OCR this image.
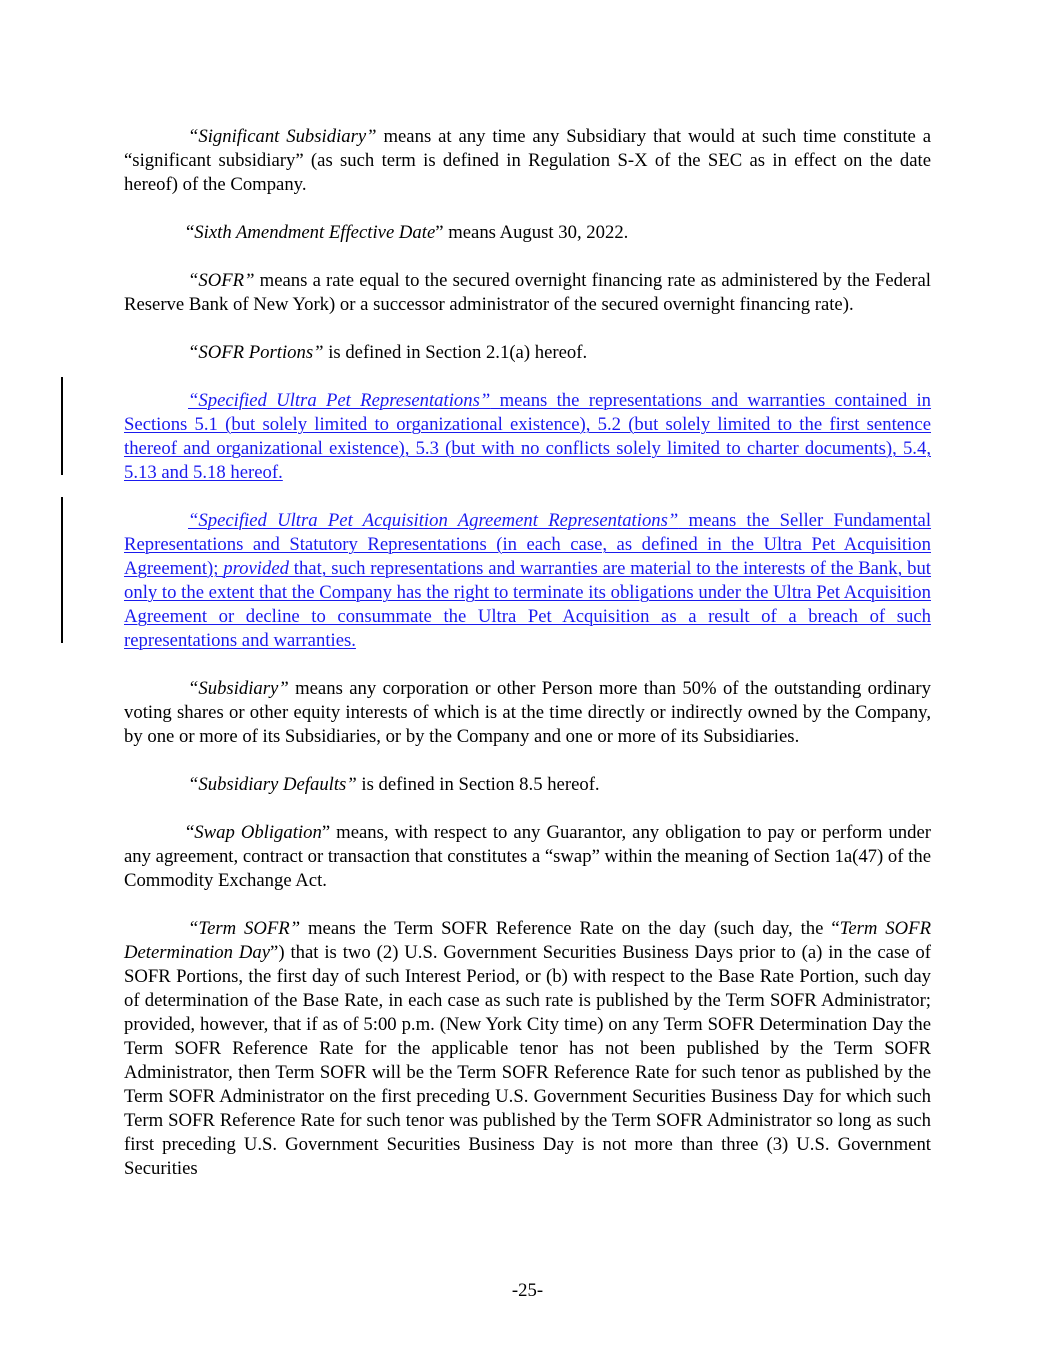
“Significant Subsidiary” means at any time any Subsidiary that would at such time constitute a “significant subsidiary” (as such term is defined in Regulation S-X of the SEC as in effect on the date hereof) of the Company.

“Sixth Amendment Effective Date” means August 30, 2022.

“SOFR” means a rate equal to the secured overnight financing rate as administered by the Federal Reserve Bank of New York) or a successor administrator of the secured overnight financing rate).

“SOFR Portions” is defined in Section 2.1(a) hereof.

“Specified Ultra Pet Representations” means the representations and warranties contained in Sections 5.1 (but solely limited to organizational existence), 5.2 (but solely limited to the first sentence thereof and organizational existence), 5.3 (but with no conflicts solely limited to charter documents), 5.4, 5.13 and 5.18 hereof.

“Specified Ultra Pet Acquisition Agreement Representations” means the Seller Fundamental Representations and Statutory Representations (in each case, as defined in the Ultra Pet Acquisition Agreement); provided that, such representations and warranties are material to the interests of the Bank, but only to the extent that the Company has the right to terminate its obligations under the Ultra Pet Acquisition Agreement or decline to consummate the Ultra Pet Acquisition as a result of a breach of such representations and warranties.

“Subsidiary” means any corporation or other Person more than 50% of the outstanding ordinary voting shares or other equity interests of which is at the time directly or indirectly owned by the Company, by one or more of its Subsidiaries, or by the Company and one or more of its Subsidiaries.

“Subsidiary Defaults” is defined in Section 8.5 hereof.

“Swap Obligation” means, with respect to any Guarantor, any obligation to pay or perform under any agreement, contract or transaction that constitutes a “swap” within the meaning of Section 1a(47) of the Commodity Exchange Act.

“Term SOFR” means the Term SOFR Reference Rate on the day (such day, the “Term SOFR Determination Day”) that is two (2) U.S. Government Securities Business Days prior to (a) in the case of SOFR Portions, the first day of such Interest Period, or (b) with respect to the Base Rate Portion, such day of determination of the Base Rate, in each case as such rate is published by the Term SOFR Administrator; provided, however, that if as of 5:00 p.m. (New York City time) on any Term SOFR Determination Day the Term SOFR Reference Rate for the applicable tenor has not been published by the Term SOFR Administrator, then Term SOFR will be the Term SOFR Reference Rate for such tenor as published by the Term SOFR Administrator on the first preceding U.S. Government Securities Business Day for which such Term SOFR Reference Rate for such tenor was published by the Term SOFR Administrator so long as such first preceding U.S. Government Securities Business Day is not more than three (3) U.S. Government Securities

-25-
